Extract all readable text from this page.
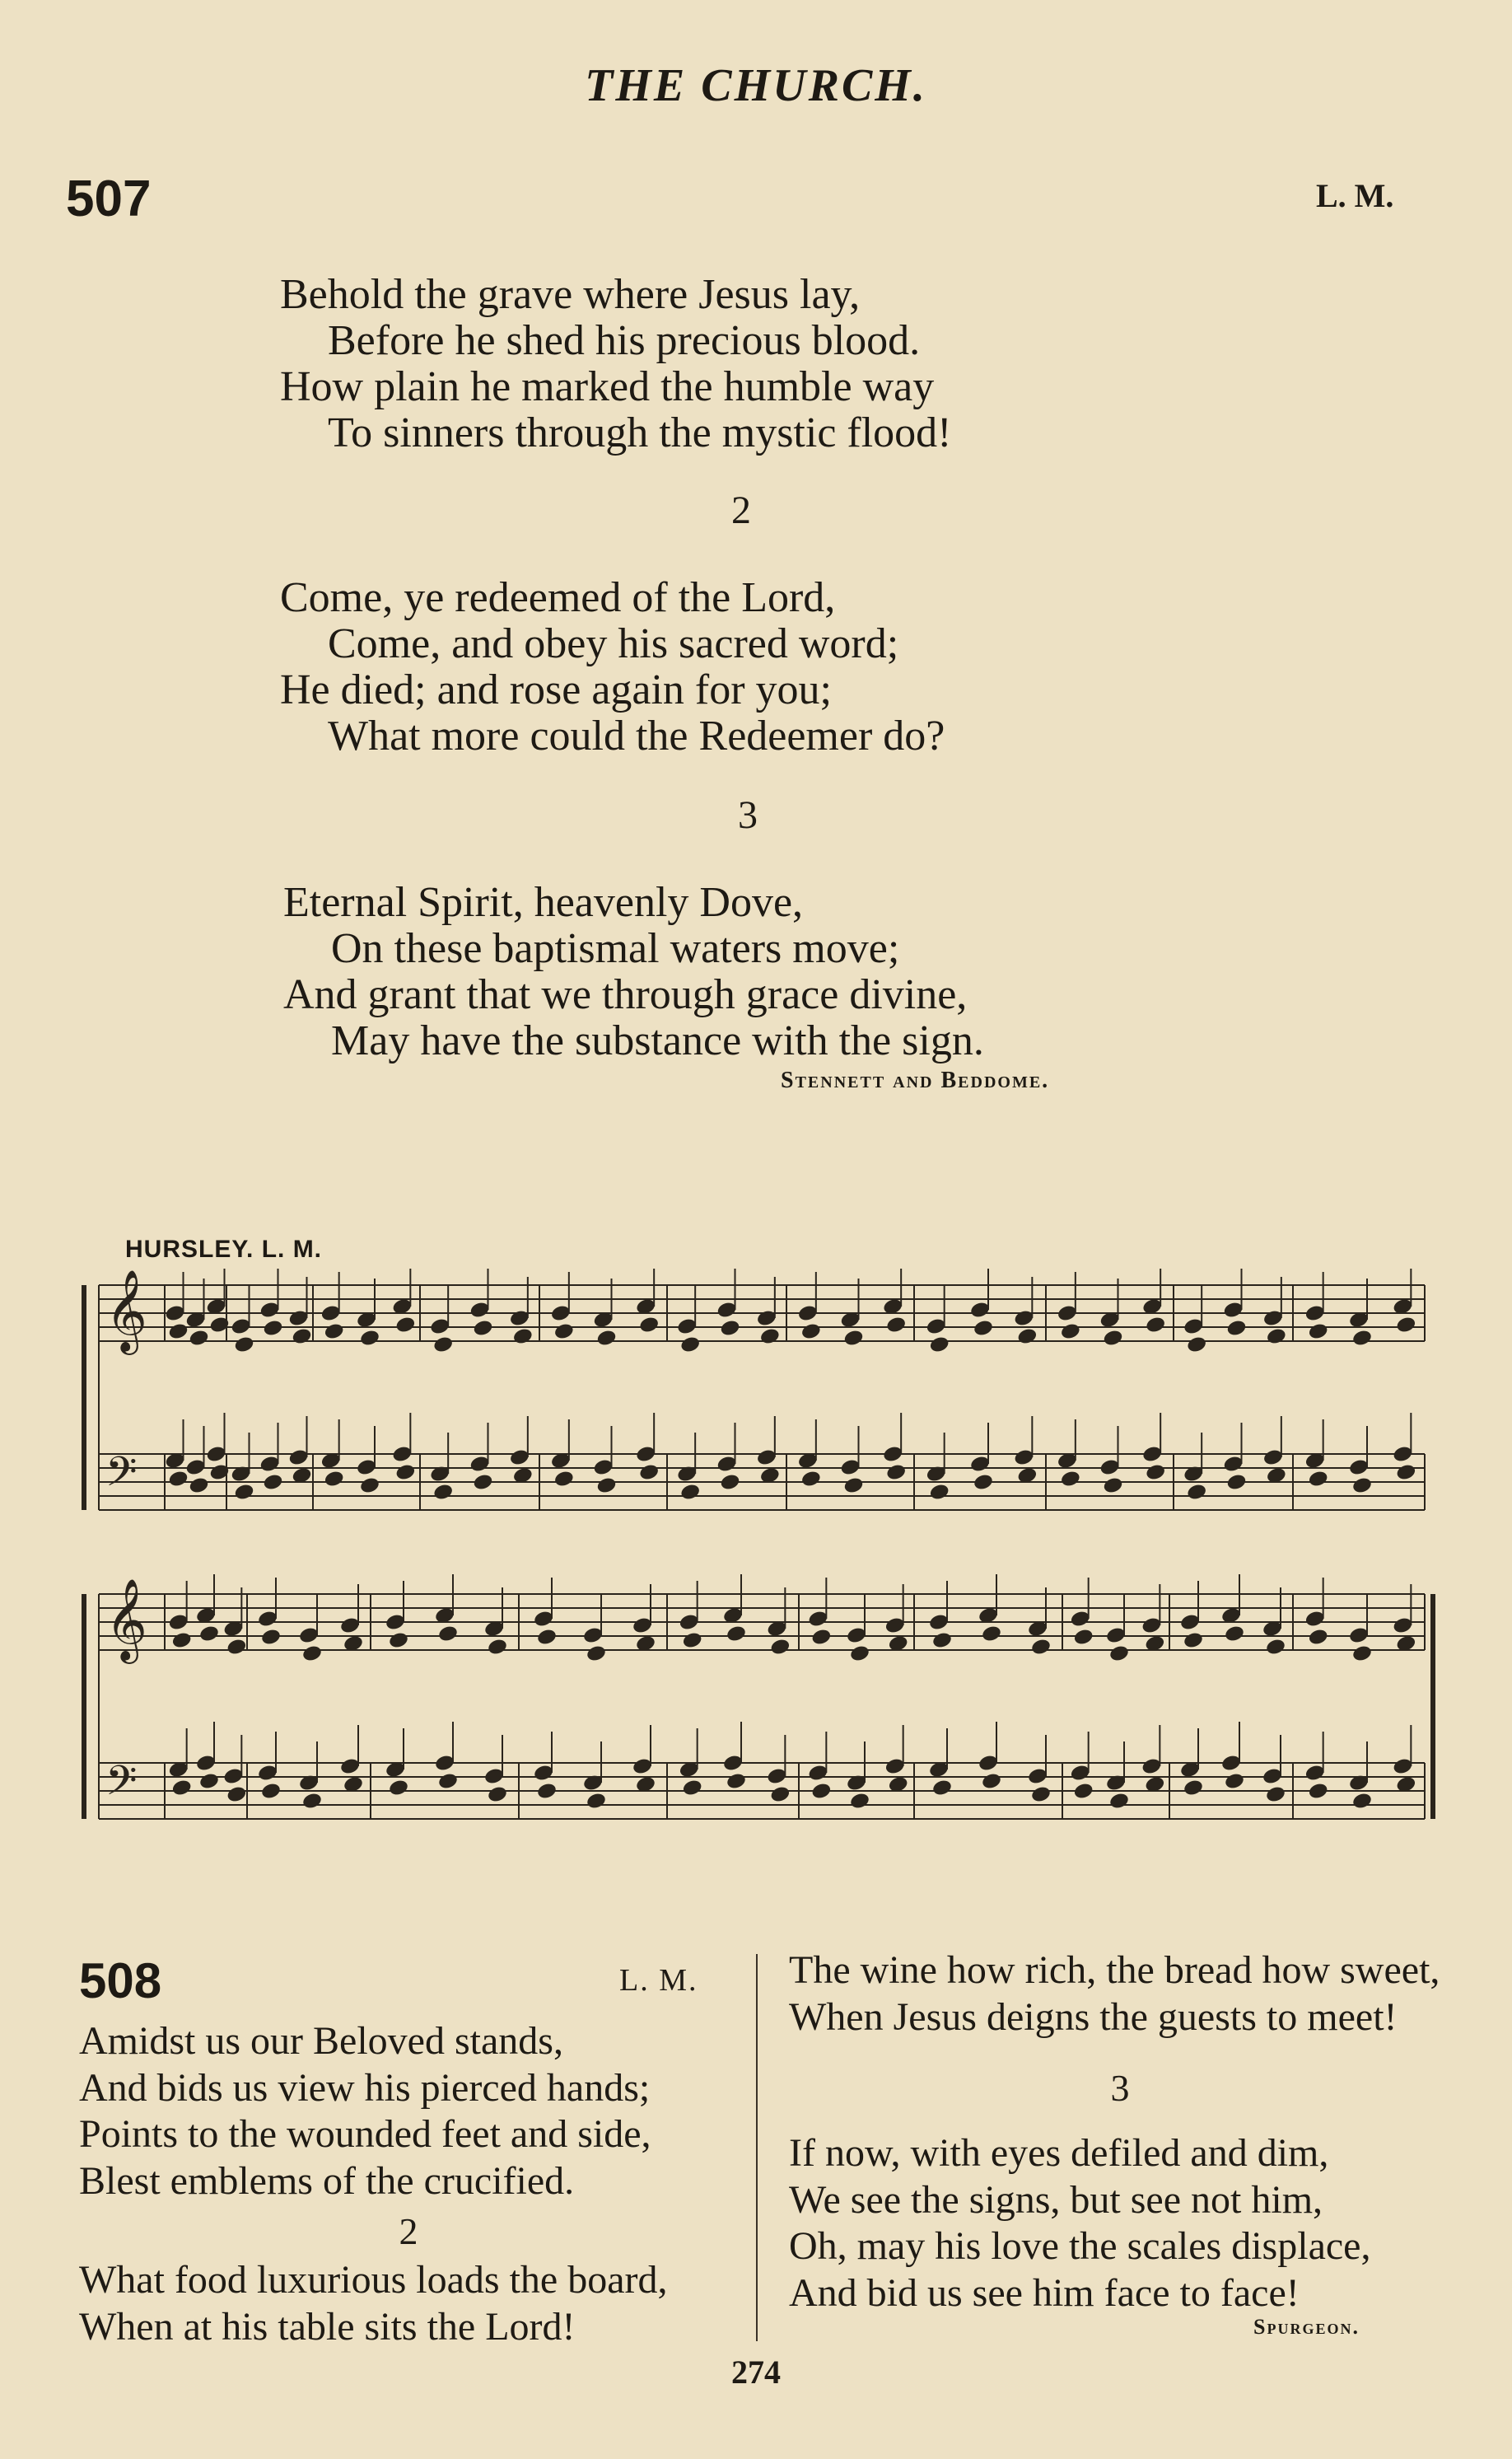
THE CHURCH.
507	L. M.
Behold the grave where Jesus lay,
Before he shed his precious blood.
How plain he marked the humble way
To sinners through the mystic flood!
2
Come, ye redeemed of the Lord,
Come, and obey his sacred word;
He died; and rose again for you;
What more could the Redeemer do?
3
Eternal Spirit, heavenly Dove,
On these baptismal waters move;
And grant that we through grace divine,
May have the substance with the sign.
Stennett and Beddome.
HURSLEY. L. M.
𝄞
𝄢
𝄞
𝄢
508	L. M.
Amidst us our Beloved stands,
And bids us view his pierced hands;
Points to the wounded feet and side,
Blest emblems of the crucified.
2
What food luxurious loads the board,
When at his table sits the Lord!
The wine how rich, the bread how sweet,
When Jesus deigns the guests to meet!
3
If now, with eyes defiled and dim,
We see the signs, but see not him,
Oh, may his love the scales displace,
And bid us see him face to face!
Spurgeon.
274
